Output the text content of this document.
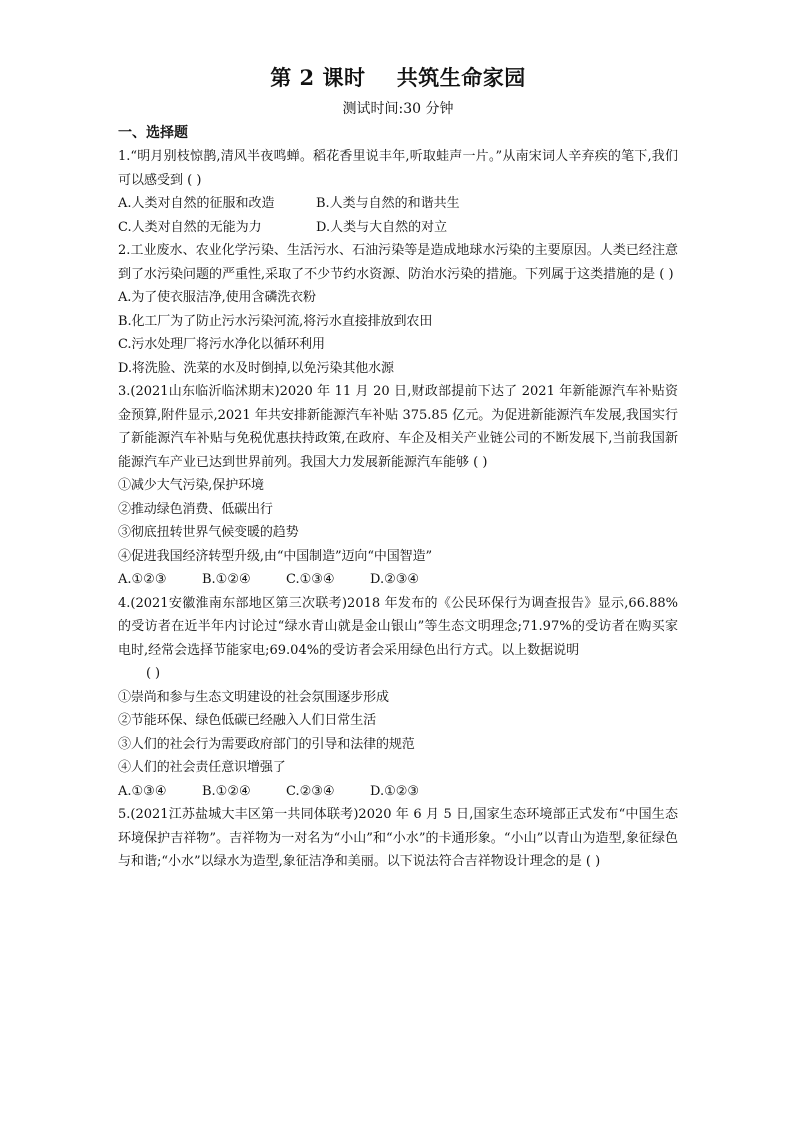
第 2 课时    共筑生命家园
测试时间:30 分钟
一、选择题

1.“明月别枝惊鹊,清风半夜鸣蝉。稻花香里说丰年,听取蛙声一片。”从南宋词人辛弃疾的笔下,我们可以感受到 ( )

A.人类对自然的征服和改造	B.人类与自然的和谐共生
C.人类对自然的无能为力	D.人类与大自然的对立

2.工业废水、农业化学污染、生活污水、石油污染等是造成地球水污染的主要原因。人类已经注意到了水污染问题的严重性,采取了不少节约水资源、防治水污染的措施。下列属于这类措施的是 ( )

A.为了使衣服洁净,使用含磷洗衣粉

B.化工厂为了防止污水污染河流,将污水直接排放到农田

C.污水处理厂将污水净化以循环利用

D.将洗脸、洗菜的水及时倒掉,以免污染其他水源

3.(2021山东临沂临沭期末)2020 年 11 月 20 日,财政部提前下达了 2021 年新能源汽车补贴资金预算,附件显示,2021 年共安排新能源汽车补贴 375.85 亿元。为促进新能源汽车发展,我国实行了新能源汽车补贴与免税优惠扶持政策,在政府、车企及相关产业链公司的不断发展下,当前我国新能源汽车产业已达到世界前列。我国大力发展新能源汽车能够 ( )

①减少大气污染,保护环境

②推动绿色消费、低碳出行

③彻底扭转世界气候变暖的趋势

④促进我国经济转型升级,由“中国制造”迈向“中国智造”

A.①②③	B.①②④	C.①③④	D.②③④

4.(2021安徽淮南东部地区第三次联考)2018 年发布的《公民环保行为调查报告》显示,66.88%的受访者在近半年内讨论过“绿水青山就是金山银山”等生态文明理念;71.97%的受访者在购买家电时,经常会选择节能家电;69.04%的受访者会采用绿色出行方式。以上数据说明

( )

①崇尚和参与生态文明建设的社会氛围逐步形成

②节能环保、绿色低碳已经融入人们日常生活

③人们的社会行为需要政府部门的引导和法律的规范

④人们的社会责任意识增强了

A.①③④	B.①②④	C.②③④	D.①②③

5.(2021江苏盐城大丰区第一共同体联考)2020 年 6 月 5 日,国家生态环境部正式发布“中国生态环境保护吉祥物”。吉祥物为一对名为“小山”和“小水”的卡通形象。“小山”以青山为造型,象征绿色与和谐;“小水”以绿水为造型,象征洁净和美丽。以下说法符合吉祥物设计理念的是 ( )
